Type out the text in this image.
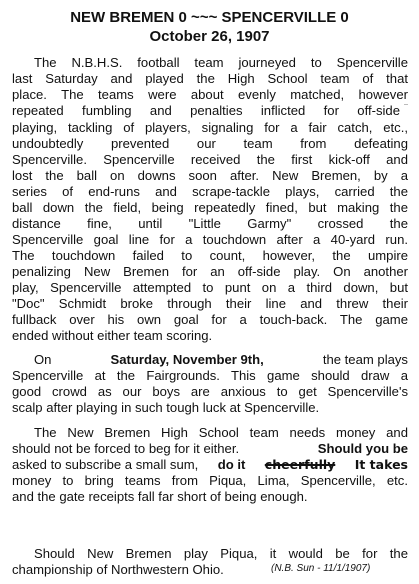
NEW BREMEN 0 ~~~ SPENCERVILLE 0
October 26, 1907
The N.B.H.S. football team journeyed to Spencerville
last Saturday and played the High School team of that
place. The teams were about evenly matched, however
repeated fumbling and penalties inflicted for off-side
playing, tackling of players, signaling for a fair catch, etc.,
undoubtedly prevented our team from defeating
Spencerville. Spencerville received the first kick-off and
lost the ball on downs soon after. New Bremen, by a
series of end-runs and scrape-tackle plays, carried the
ball down the field, being repeatedly fined, but making the
distance fine, until "Little Garmy" crossed the
Spencerville goal line for a touchdown after a 40-yard run.
The touchdown failed to count, however, the umpire
penalizing New Bremen for an off-side play. On another
play, Spencerville attempted to punt on a third down, but
"Doc" Schmidt broke through their line and threw their
fullback over his own goal for a touch-back. The game
ended without either team scoring.
On	Saturday, November 9th,	the team plays
Spencerville at the Fairgrounds. This game should draw a
good crowd as our boys are anxious to get Spencerville's
scalp after playing in such tough luck at Spencerville.
The New Bremen High School team needs money and
should not be forced to beg for it either.	Should you be
asked to subscribe a small sum, do it cheerfully It takes
money to bring teams from Piqua, Lima, Spencerville, etc.
and the gate receipts fall far short of being enough.
Should New Bremen play Piqua, it would be for the
championship of Northwestern Ohio.	(N.B. Sun - 11/1/1907)
